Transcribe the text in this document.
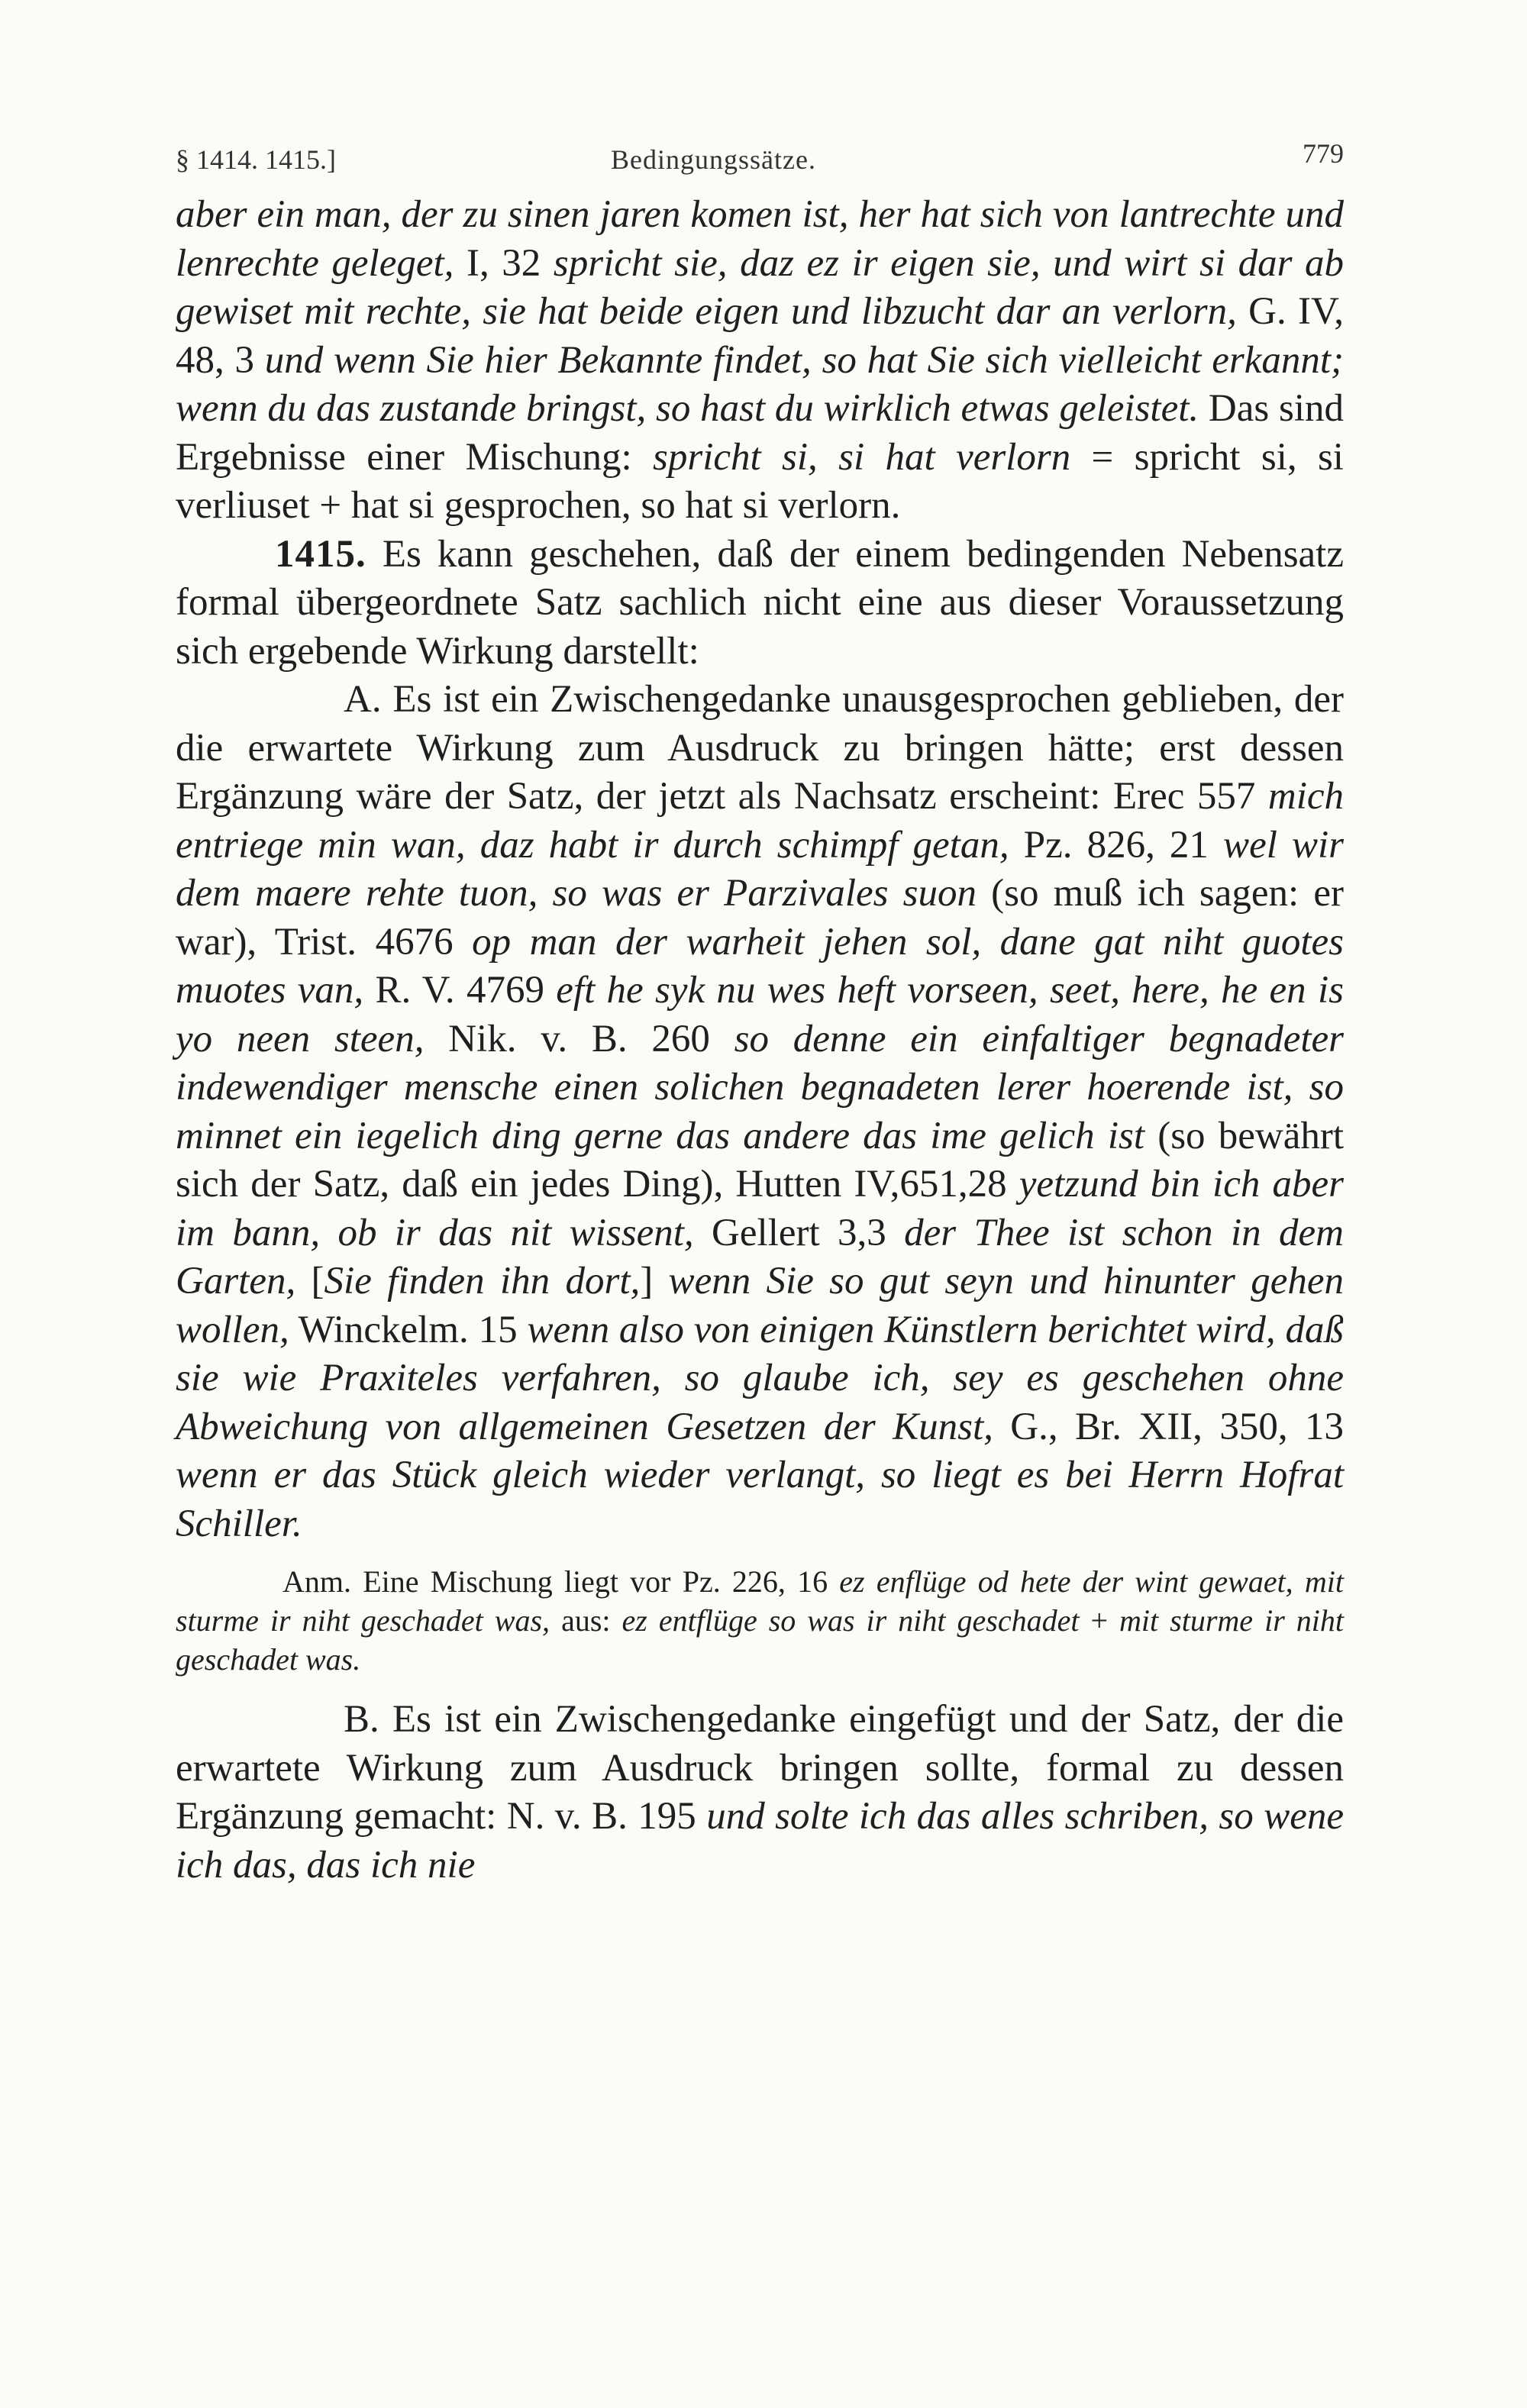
§ 1414. 1415.]	Bedingungssätze.	779

aber ein man, der zu sinen jaren komen ist, her hat sich von lantrechte und lenrechte geleget, I, 32 spricht sie, daz ez ir eigen sie, und wirt si dar ab gewiset mit rechte, sie hat beide eigen und libzucht dar an verlorn, G. IV, 48, 3 und wenn Sie hier Bekannte findet, so hat Sie sich vielleicht erkannt; wenn du das zustande bringst, so hast du wirklich etwas geleistet. Das sind Ergebnisse einer Mischung: spricht si, si hat verlorn = spricht si, si verliuset + hat si gesprochen, so hat si verlorn.

1415. Es kann geschehen, daß der einem bedingenden Nebensatz formal übergeordnete Satz sachlich nicht eine aus dieser Voraussetzung sich ergebende Wirkung darstellt:

A. Es ist ein Zwischengedanke unausgesprochen geblieben, der die erwartete Wirkung zum Ausdruck zu bringen hätte; erst dessen Ergänzung wäre der Satz, der jetzt als Nachsatz erscheint: Erec 557 mich entriege min wan, daz habt ir durch schimpf getan, Pz. 826, 21 wel wir dem maere rehte tuon, so was er Parzivales suon (so muß ich sagen: er war), Trist. 4676 op man der warheit jehen sol, dane gat niht guotes muotes van, R. V. 4769 eft he syk nu wes heft vorseen, seet, here, he en is yo neen steen, Nik. v. B. 260 so denne ein einfaltiger begnadeter indewendiger mensche einen solichen begnadeten lerer hoerende ist, so minnet ein iegelich ding gerne das andere das ime gelich ist (so bewährt sich der Satz, daß ein jedes Ding), Hutten IV,651,28 yetzund bin ich aber im bann, ob ir das nit wissent, Gellert 3,3 der Thee ist schon in dem Garten, [Sie finden ihn dort,] wenn Sie so gut seyn und hinunter gehen wollen, Winckelm. 15 wenn also von einigen Künstlern berichtet wird, daß sie wie Praxiteles verfahren, so glaube ich, sey es geschehen ohne Abweichung von allgemeinen Gesetzen der Kunst, G., Br. XII, 350, 13 wenn er das Stück gleich wieder verlangt, so liegt es bei Herrn Hofrat Schiller.

Anm. Eine Mischung liegt vor Pz. 226, 16 ez enflüge od hete der wint gewaet, mit sturme ir niht geschadet was, aus: ez entflüge so was ir niht geschadet + mit sturme ir niht geschadet was.

B. Es ist ein Zwischengedanke eingefügt und der Satz, der die erwartete Wirkung zum Ausdruck bringen sollte, formal zu dessen Ergänzung gemacht: N. v. B. 195 und solte ich das alles schriben, so wene ich das, das ich nie
